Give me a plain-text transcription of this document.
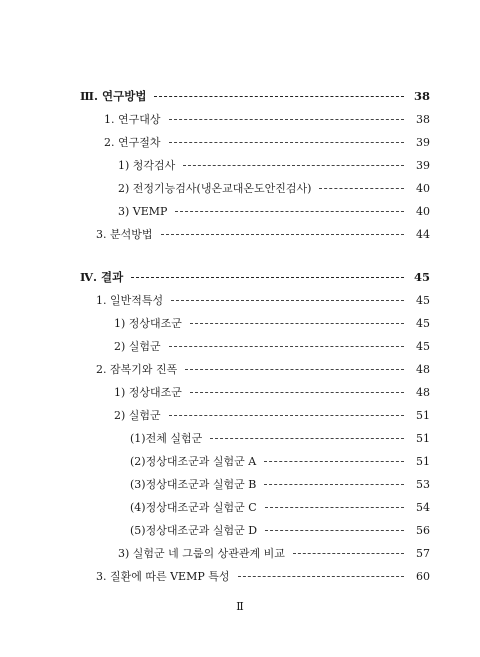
Ⅲ. 연구방법	38
1. 연구대상	38
2. 연구절차	39
1) 청각검사	39
2) 전정기능검사(냉온교대온도안진검사)	40
3) VEMP	40
3. 분석방법	44
Ⅳ. 결과	45
1. 일반적특성	45
1) 정상대조군	45
2) 실험군	45
2. 잠복기와 진폭	48
1) 정상대조군	48
2) 실험군	51
(1)전체 실험군	51
(2)정상대조군과 실험군 A	51
(3)정상대조군과 실험군 B	53
(4)정상대조군과 실험군 C	54
(5)정상대조군과 실험군 D	56
3) 실험군 네 그룹의 상관관계 비교	57
3. 질환에 따른 VEMP 특성	60
Ⅱ
